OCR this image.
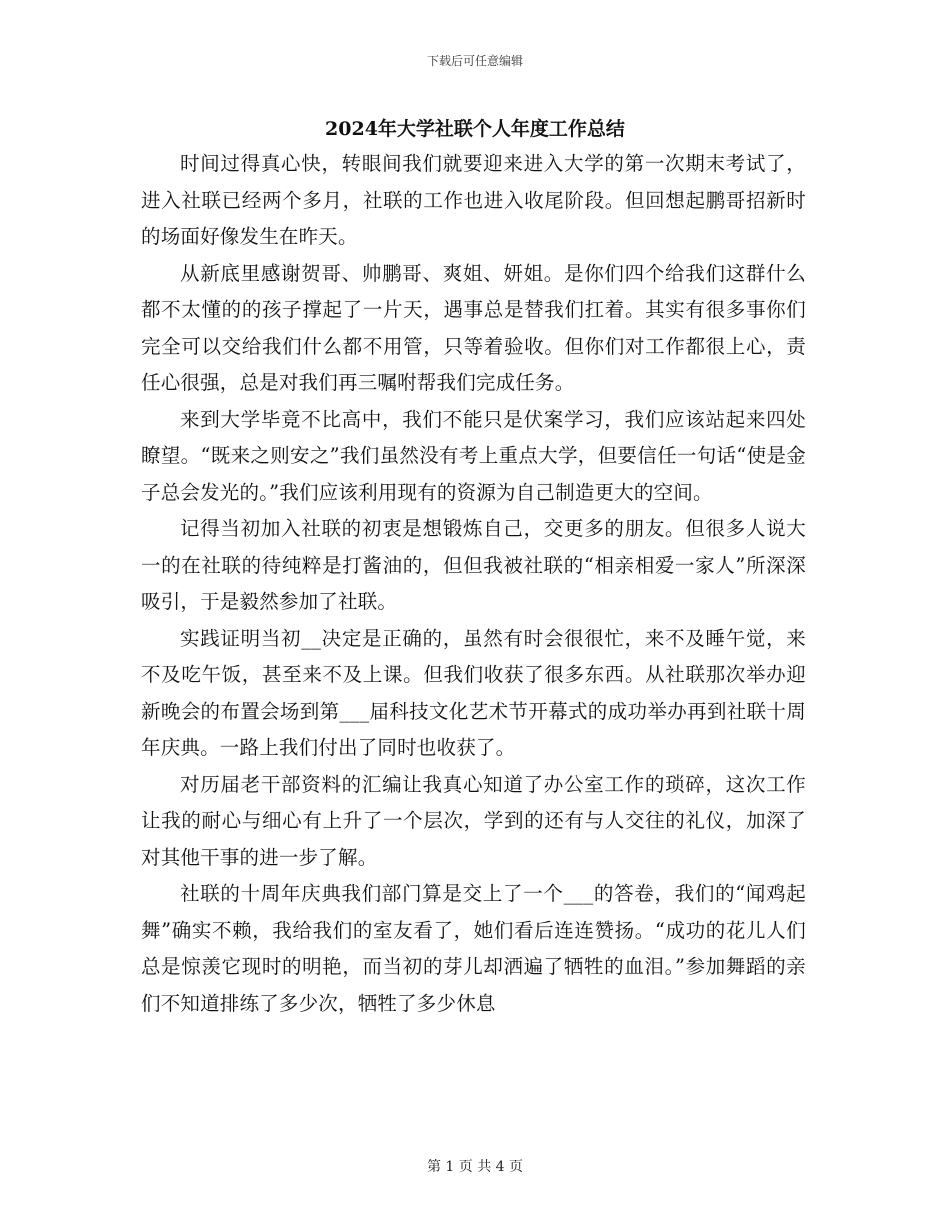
下载后可任意编辑
2024年大学社联个人年度工作总结

时间过得真心快，转眼间我们就要迎来进入大学的第一次期末考试了，进入社联已经两个多月，社联的工作也进入收尾阶段。但回想起鹏哥招新时的场面好像发生在昨天。

从新底里感谢贺哥、帅鹏哥、爽姐、妍姐。是你们四个给我们这群什么都不太懂的的孩子撑起了一片天，遇事总是替我们扛着。其实有很多事你们完全可以交给我们什么都不用管，只等着验收。但你们对工作都很上心，责任心很强，总是对我们再三嘱咐帮我们完成任务。

来到大学毕竟不比高中，我们不能只是伏案学习，我们应该站起来四处瞭望。“既来之则安之”我们虽然没有考上重点大学，但要信任一句话“使是金子总会发光的。”我们应该利用现有的资源为自己制造更大的空间。

记得当初加入社联的初衷是想锻炼自己，交更多的朋友。但很多人说大一的在社联的待纯粹是打酱油的，但但我被社联的“相亲相爱一家人”所深深吸引，于是毅然参加了社联。

实践证明当初__决定是正确的，虽然有时会很很忙，来不及睡午觉，来不及吃午饭，甚至来不及上课。但我们收获了很多东西。从社联那次举办迎新晚会的布置会场到第___届科技文化艺术节开幕式的成功举办再到社联十周年庆典。一路上我们付出了同时也收获了。

对历届老干部资料的汇编让我真心知道了办公室工作的琐碎，这次工作让我的耐心与细心有上升了一个层次，学到的还有与人交往的礼仪，加深了对其他干事的进一步了解。

社联的十周年庆典我们部门算是交上了一个___的答卷，我们的“闻鸡起舞”确实不赖，我给我们的室友看了，她们看后连连赞扬。“成功的花儿人们总是惊羡它现时的明艳，而当初的芽儿却洒遍了牺牲的血泪。”参加舞蹈的亲们不知道排练了多少次，牺牲了多少休息

第 1 页 共 4 页
